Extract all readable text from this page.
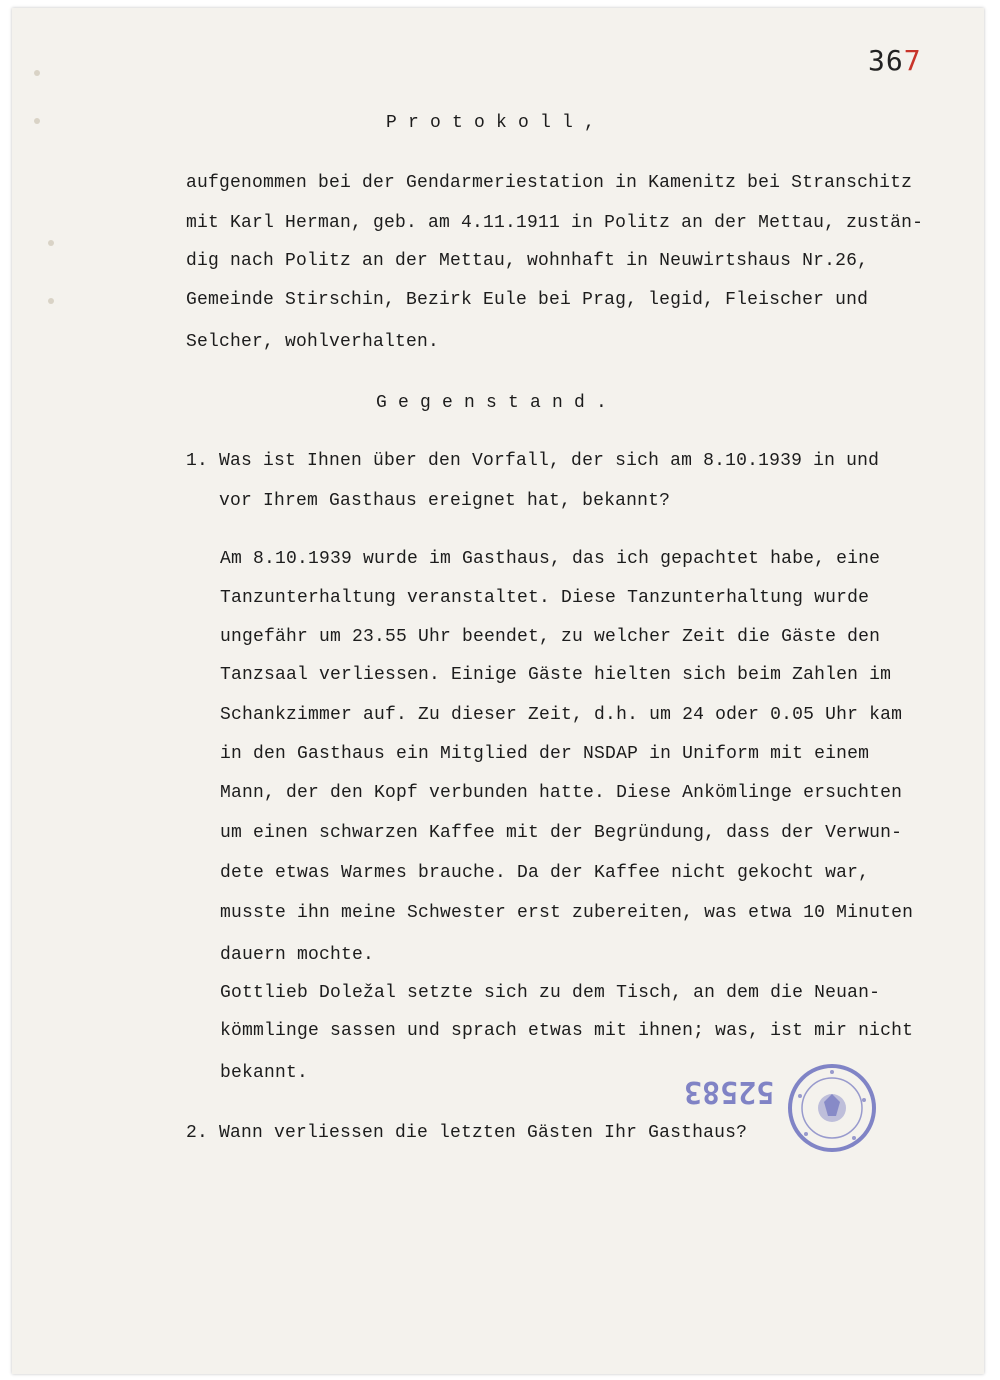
367
P r o t o k o l l ,
aufgenommen bei der Gendarmeriestation in Kamenitz bei Stranschitz
mit Karl Herman, geb. am 4.11.1911 in Politz an der Mettau, zustän-
dig nach Politz an der Mettau, wohnhaft in Neuwirtshaus Nr.26,
Gemeinde Stirschin, Bezirk Eule bei Prag, legid, Fleischer und
Selcher, wohlverhalten.
G e g e n s t a n d .
1. Was ist Ihnen über den Vorfall, der sich am 8.10.1939 in und
vor Ihrem Gasthaus ereignet hat, bekannt?
Am 8.10.1939 wurde im Gasthaus, das ich gepachtet habe, eine
Tanzunterhaltung veranstaltet. Diese Tanzunterhaltung wurde
ungefähr um 23.55 Uhr beendet, zu welcher Zeit die Gäste den
Tanzsaal verliessen. Einige Gäste hielten sich beim Zahlen im
Schankzimmer auf. Zu dieser Zeit, d.h. um 24 oder 0.05 Uhr kam
in den Gasthaus ein Mitglied der NSDAP in Uniform mit einem
Mann, der den Kopf verbunden hatte. Diese Ankömlinge ersuchten
um einen schwarzen Kaffee mit der Begründung, dass der Verwun-
dete etwas Warmes brauche. Da der Kaffee nicht gekocht war,
musste ihn meine Schwester erst zubereiten, was etwa 10 Minuten
dauern mochte.
Gottlieb Doležal setzte sich zu dem Tisch, an dem die Neuan-
kömmlinge sassen und sprach etwas mit ihnen; was, ist mir nicht
bekannt.
2. Wann verliessen die letzten Gästen Ihr Gasthaus?
52583
